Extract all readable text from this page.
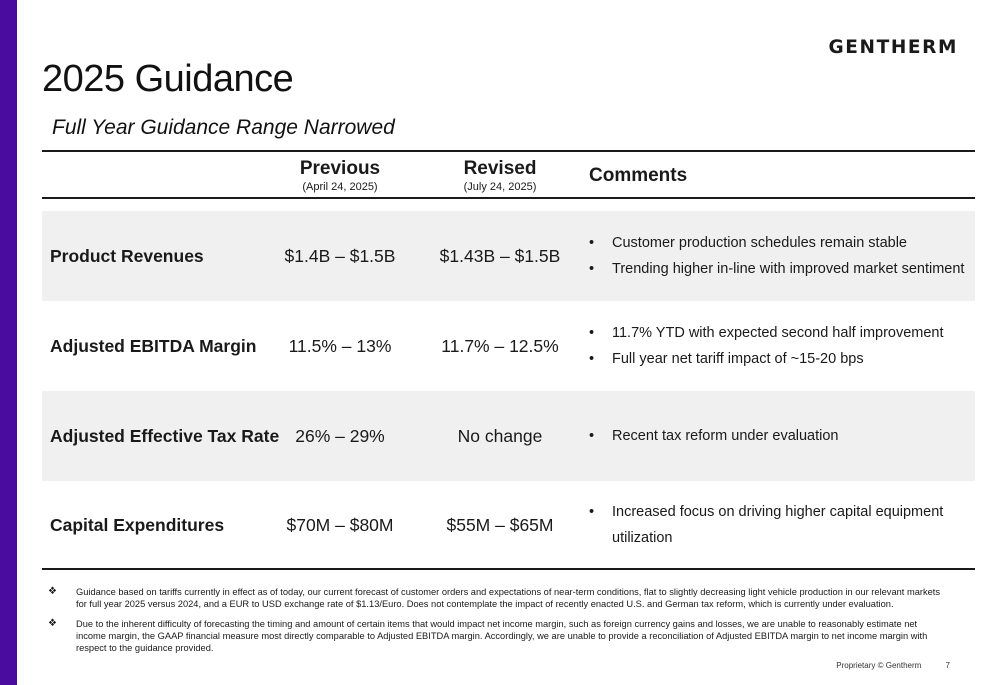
GENTHERM
2025 Guidance
Full Year Guidance Range Narrowed
Previous
(April 24, 2025)
Revised
(July 24, 2025)
Comments
Product Revenues	$1.4B – $1.5B	$1.43B – $1.5B
• Customer production schedules remain stable
• Trending higher in-line with improved market sentiment
Adjusted EBITDA Margin	11.5% – 13%	11.7% – 12.5%
• 11.7% YTD with expected second half improvement
• Full year net tariff impact of ~15-20 bps
Adjusted Effective Tax Rate 26% – 29%	No change
•	Recent tax reform under evaluation
Capital Expenditures	$70M – $80M	$55M – $65M
• Increased focus on driving higher capital equipment utilization
❖ Guidance based on tariffs currently in effect as of today, our current forecast of customer orders and expectations of near-term conditions, flat to slightly decreasing light vehicle production in our relevant markets for full year 2025 versus 2024, and a EUR to USD exchange rate of $1.13/Euro. Does not contemplate the impact of recently enacted U.S. and German tax reform, which is currently under evaluation.
❖ Due to the inherent difficulty of forecasting the timing and amount of certain items that would impact net income margin, such as foreign currency gains and losses, we are unable to reasonably estimate net income margin, the GAAP financial measure most directly comparable to Adjusted EBITDA margin. Accordingly, we are unable to provide a reconciliation of Adjusted EBITDA margin to net income margin with respect to the guidance provided.
Proprietary © Gentherm	7
